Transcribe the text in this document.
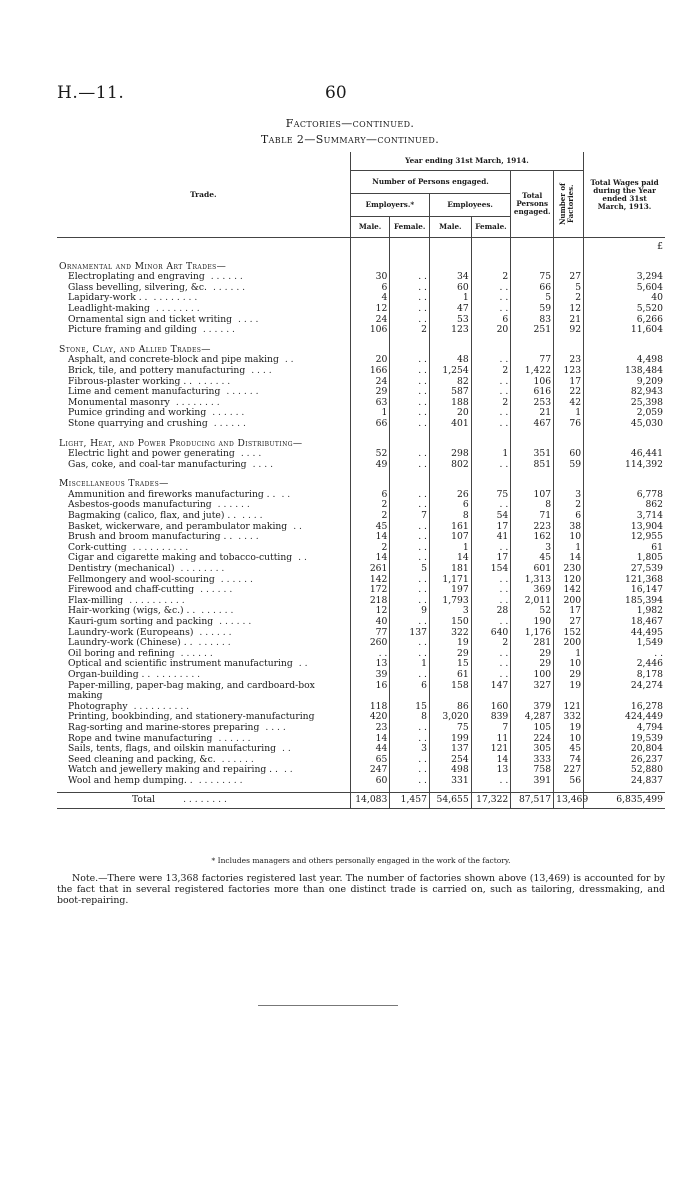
H.—11.	60
Factories—continued.
Table 2—Summary—continued.
Trade.	Year ending 31st March, 1914.						Total Wages paid during the Year ended 31st March, 1913.
	Number of Persons engaged.				Total Persons engaged.	Number of Factories.	

	Employers.*		Employees.				
	Male.	Female.	Male.	Female.			
							£
Ornamental and Minor Art Trades—							
Electroplating and engraving . . . . . .	30	. .	34	2	75	27	3,294
Glass bevelling, silvering, &c. . . . . . .	6	. .	60	. .	66	5	5,604
Lapidary-work . . . . . . . . . .	4	. .	1	. .	5	2	40
Leadlight-making . . . . . . . .	12	. .	47	. .	59	12	5,520
Ornamental sign and ticket writing . . . .	24	. .	53	6	83	21	6,266
Picture framing and gilding . . . . . .	106	2	123	20	251	92	11,604
Stone, Clay, and Allied Trades—							
Asphalt, and concrete-block and pipe making . .	20	. .	48	. .	77	23	4,498
Brick, tile, and pottery manufacturing . . . .	166	. .	1,254	2	1,422	123	138,484
Fibrous-plaster working . . . . . . . .	24	. .	82	. .	106	17	9,209
Lime and cement manufacturing . . . . . .	29	. .	587	. .	616	22	82,943
Monumental masonry . . . . . . . .	63	. .	188	2	253	42	25,398
Pumice grinding and working . . . . . .	1	. .	20	. .	21	1	2,059
Stone quarrying and crushing . . . . . .	66	. .	401	. .	467	76	45,030
Light, Heat, and Power Producing and Distributing—							
Electric light and power generating . . . .	52	. .	298	1	351	60	46,441
Gas, coke, and coal-tar manufacturing . . . .	49	. .	802	. .	851	59	114,392
Miscellaneous Trades—							
Ammunition and fireworks manufacturing . . . .	6	. .	26	75	107	3	6,778
Asbestos-goods manufacturing . . . . . .	2	. .	6	. .	8	2	862
Bagmaking (calico, flax, and jute) . . . . . .	2	7	8	54	71	6	3,714
Basket, wickerware, and perambulator making . .	45	. .	161	17	223	38	13,904
Brush and broom manufacturing . . . . . .	14	. .	107	41	162	10	12,955
Cork-cutting . . . . . . . . . .	2	. .	1	. .	3	1	61
Cigar and cigarette making and tobacco-cutting . .	14	. .	14	17	45	14	1,805
Dentistry (mechanical) . . . . . . . .	261	5	181	154	601	230	27,539
Fellmongery and wool-scouring . . . . . .	142	. .	1,171	. .	1,313	120	121,368
Firewood and chaff-cutting . . . . . .	172	. .	197	. .	369	142	16,147
Flax-milling . . . . . . . . . .	218	. .	1,793	. .	2,011	200	185,394
Hair-working (wigs, &c.) . . . . . . . .	12	9	3	28	52	17	1,982
Kauri-gum sorting and packing . . . . . .	40	. .	150	. .	190	27	18,467
Laundry-work (Europeans) . . . . . .	77	137	322	640	1,176	152	44,495
Laundry-work (Chinese) . . . . . . . .	260	. .	19	2	281	200	1,549
Oil boring and refining . . . . . .	. .	. .	29	. .	29	1	. .
Optical and scientific instrument manufacturing . .	13	1	15	. .	29	10	2,446
Organ-building . . . . . . . . . .	39	. .	61	. .	100	29	8,178
Paper-milling, paper-bag making, and cardboard-box making	16	6	158	147	327	19	24,274
Photography . . . . . . . . . .	118	15	86	160	379	121	16,278
Printing, bookbinding, and stationery-manufacturing	420	8	3,020	839	4,287	332	424,449
Rag-sorting and marine-stores preparing . . . .	23	. .	75	7	105	19	4,794
Rope and twine manufacturing . . . . . .	14	. .	199	11	224	10	19,539
Sails, tents, flags, and oilskin manufacturing . .	44	3	137	121	305	45	20,804
Seed cleaning and packing, &c. . . . . . .	65	. .	254	14	333	74	26,237
Watch and jewellery making and repairing . . . .	247	. .	498	13	758	227	52,880
Wool and hemp dumping. . . . . . . . . .	60	. .	331	. .	391	56	24,837

Total . . . . . . . .	14,083	1,457	54,655	17,322	87,517	13,469	6,835,499
* Includes managers and others personally engaged in the work of the factory.
Note.—There were 13,368 factories registered last year. The number of factories shown above (13,469) is accounted for by the fact that in several registered factories more than one distinct trade is carried on, such as tailoring, dressmaking, and boot-repairing.
